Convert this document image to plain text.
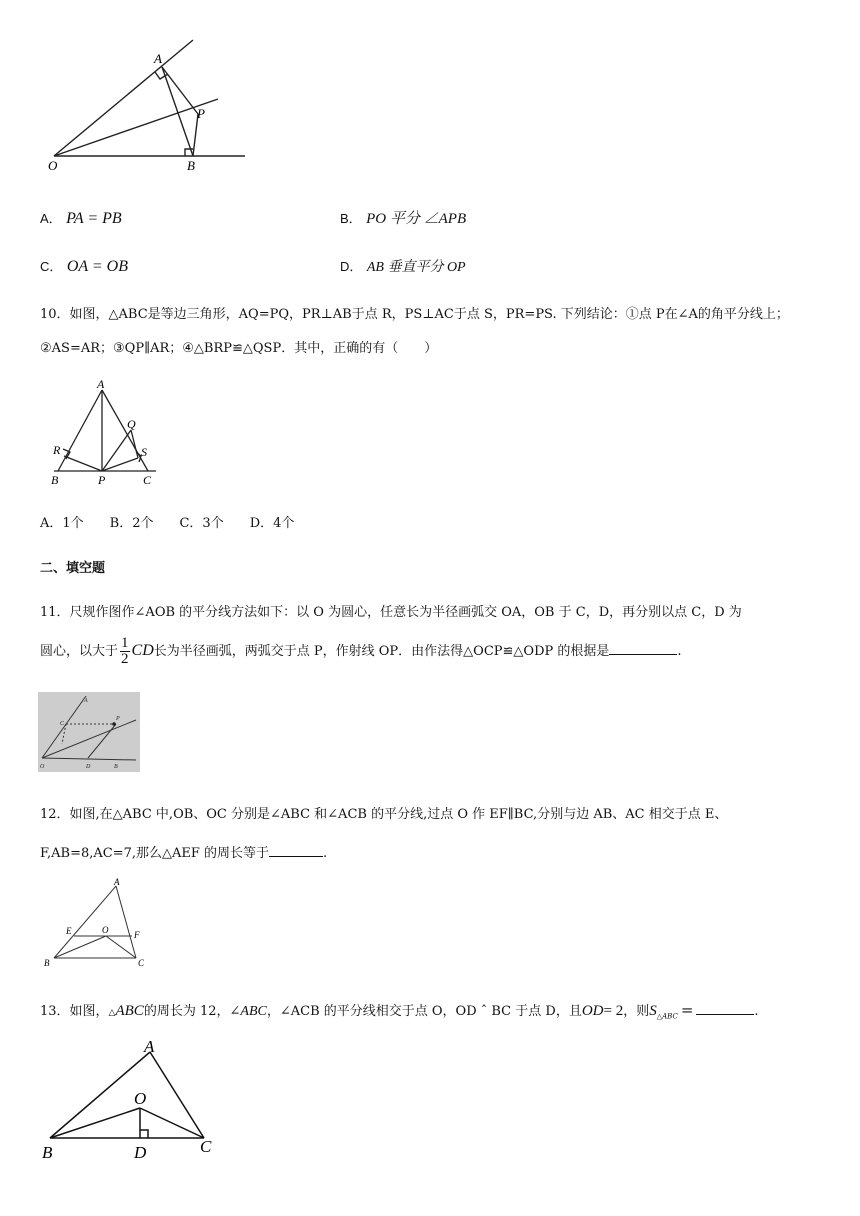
A
P
O	B
A． PA = PB	B． PO 平分 ∠APB
C． OA = OB	D． AB 垂直平分 OP
10．如图，△ABC是等边三角形，AQ=PQ，PR⊥AB于点 R，PS⊥AC于点 S，PR=PS. 下列结论：①点 P在∠A的角平分线上；
②AS=AR；③QP∥AR；④△BRP≌△QSP．其中，正确的有（　　）
A
Q
R	S
B	P	C
A．1个　　B．2个　　C．3个　　D．4个
二、填空题
11．尺规作图作∠AOB 的平分线方法如下：以 O 为圆心，任意长为半径画弧交 OA，OB 于 C，D，再分别以点 C，D 为
圆心，以大于 $\frac{1}{2}$ CD长为半径画弧，两弧交于点 P，作射线 OP．由作法得△OCP≌△ODP 的根据是	.
A
C
P
O	D	B
12．如图,在△ABC 中,OB、OC 分别是∠ABC 和∠ACB 的平分线,过点 O 作 EF∥BC,分别与边 AB、AC 相交于点 E、
F,AB=8,AC=7,那么△AEF 的周长等于	.
A
E	O	F
B	C
13．如图，△ABC的周长为 12，∠ABC，∠ACB 的平分线相交于点 O，OD ˆ BC 于点 D，且OD= 2，则$S_{\triangle ABC}$ =	.
A
O
B	D	C
